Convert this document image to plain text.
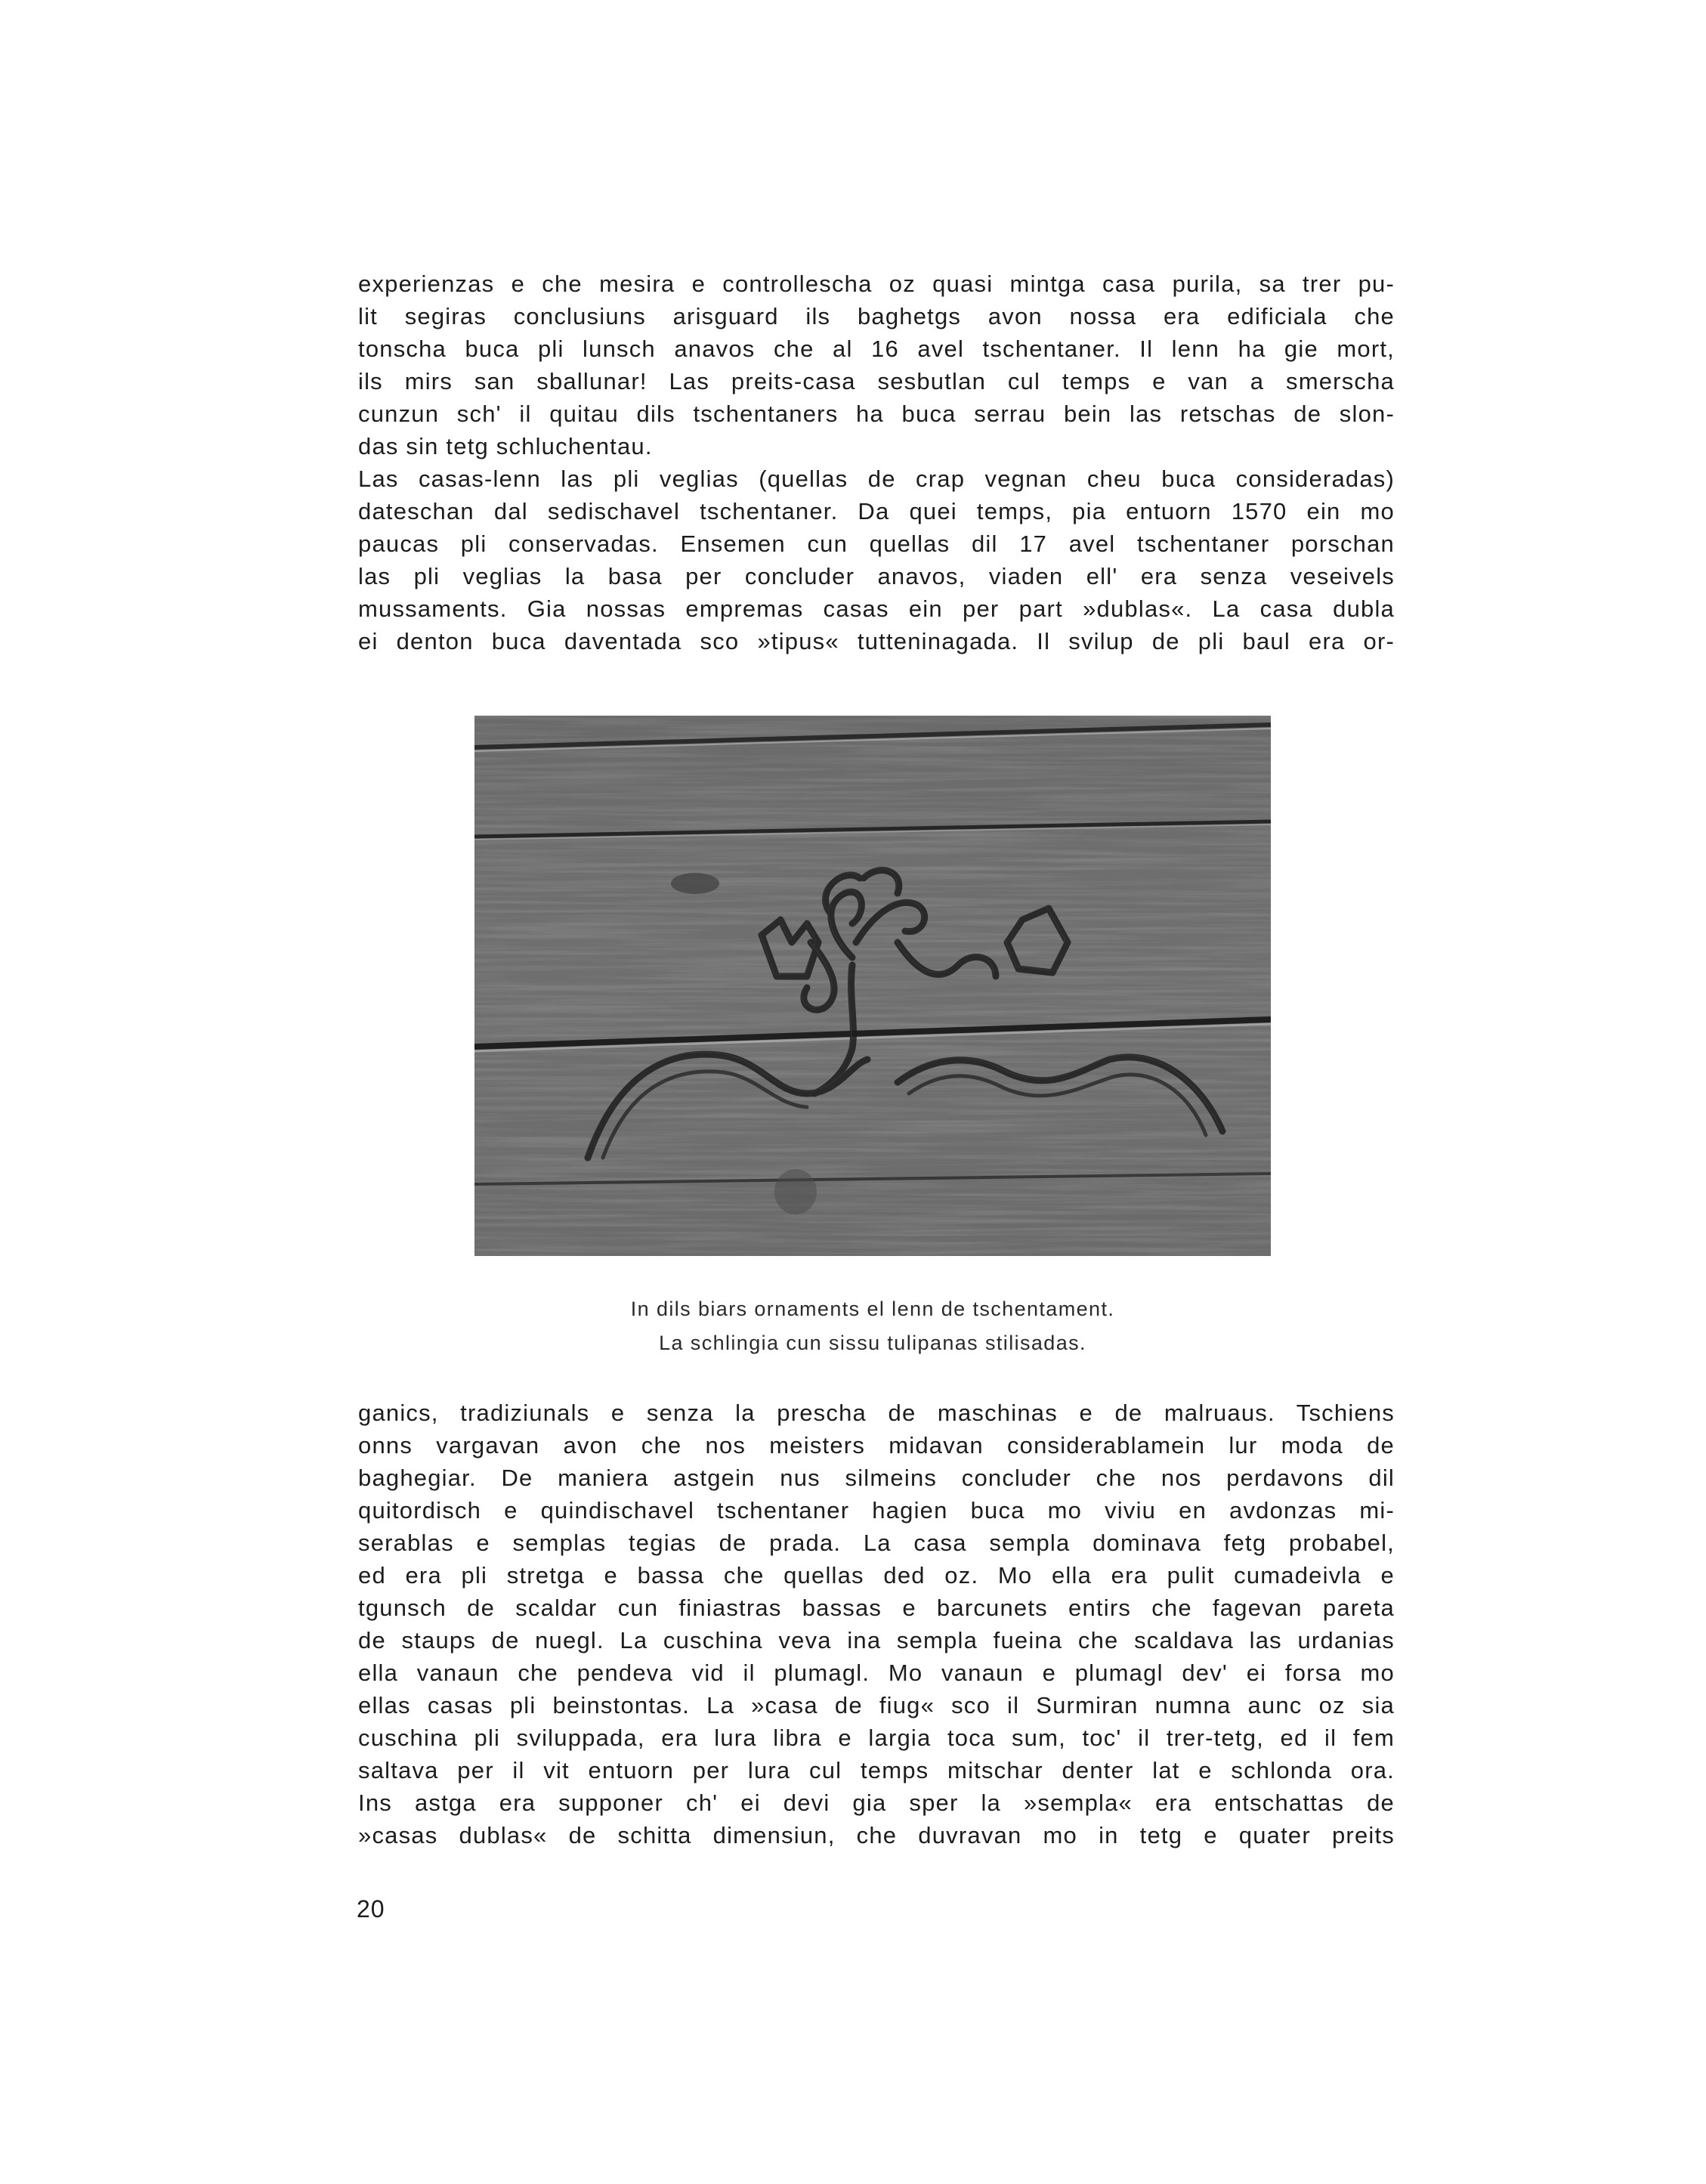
experienzas e che mesira e controllescha oz quasi mintga casa purila, sa trer pu-
lit segiras conclusiuns arisguard ils baghetgs avon nossa era edificiala che
tonscha buca pli lunsch anavos che al 16 avel tschentaner. Il lenn ha gie mort,
ils mirs san sballunar! Las preits-casa sesbutlan cul temps e van a smerscha
cunzun sch' il quitau dils tschentaners ha buca serrau bein las retschas de slon-
das sin tetg schluchentau.
Las casas-lenn las pli veglias (quellas de crap vegnan cheu buca consideradas)
dateschan dal sedischavel tschentaner. Da quei temps, pia entuorn 1570 ein mo
paucas pli conservadas. Ensemen cun quellas dil 17 avel tschentaner porschan
las pli veglias la basa per concluder anavos, viaden ell' era senza veseivels
mussaments. Gia nossas empremas casas ein per part »dublas«. La casa dubla
ei denton buca daventada sco »tipus« tutteninagada. Il svilup de pli baul era or-
In dils biars ornaments el lenn de tschentament.
La schlingia cun sissu tulipanas stilisadas.
ganics, tradiziunals e senza la prescha de maschinas e de malruaus. Tschiens
onns vargavan avon che nos meisters midavan considerablamein lur moda de
baghegiar. De maniera astgein nus silmeins concluder che nos perdavons dil
quitordisch e quindischavel tschentaner hagien buca mo viviu en avdonzas mi-
serablas e semplas tegias de prada. La casa sempla dominava fetg probabel,
ed era pli stretga e bassa che quellas ded oz. Mo ella era pulit cumadeivla e
tgunsch de scaldar cun finiastras bassas e barcunets entirs che fagevan pareta
de staups de nuegl. La cuschina veva ina sempla fueina che scaldava las urdanias
ella vanaun che pendeva vid il plumagl. Mo vanaun e plumagl dev' ei forsa mo
ellas casas pli beinstontas. La »casa de fiug« sco il Surmiran numna aunc oz sia
cuschina pli sviluppada, era lura libra e largia toca sum, toc' il trer-tetg, ed il fem
saltava per il vit entuorn per lura cul temps mitschar denter lat e schlonda ora.
Ins astga era supponer ch' ei devi gia sper la »sempla« era entschattas de
»casas dublas« de schitta dimensiun, che duvravan mo in tetg e quater preits
20
